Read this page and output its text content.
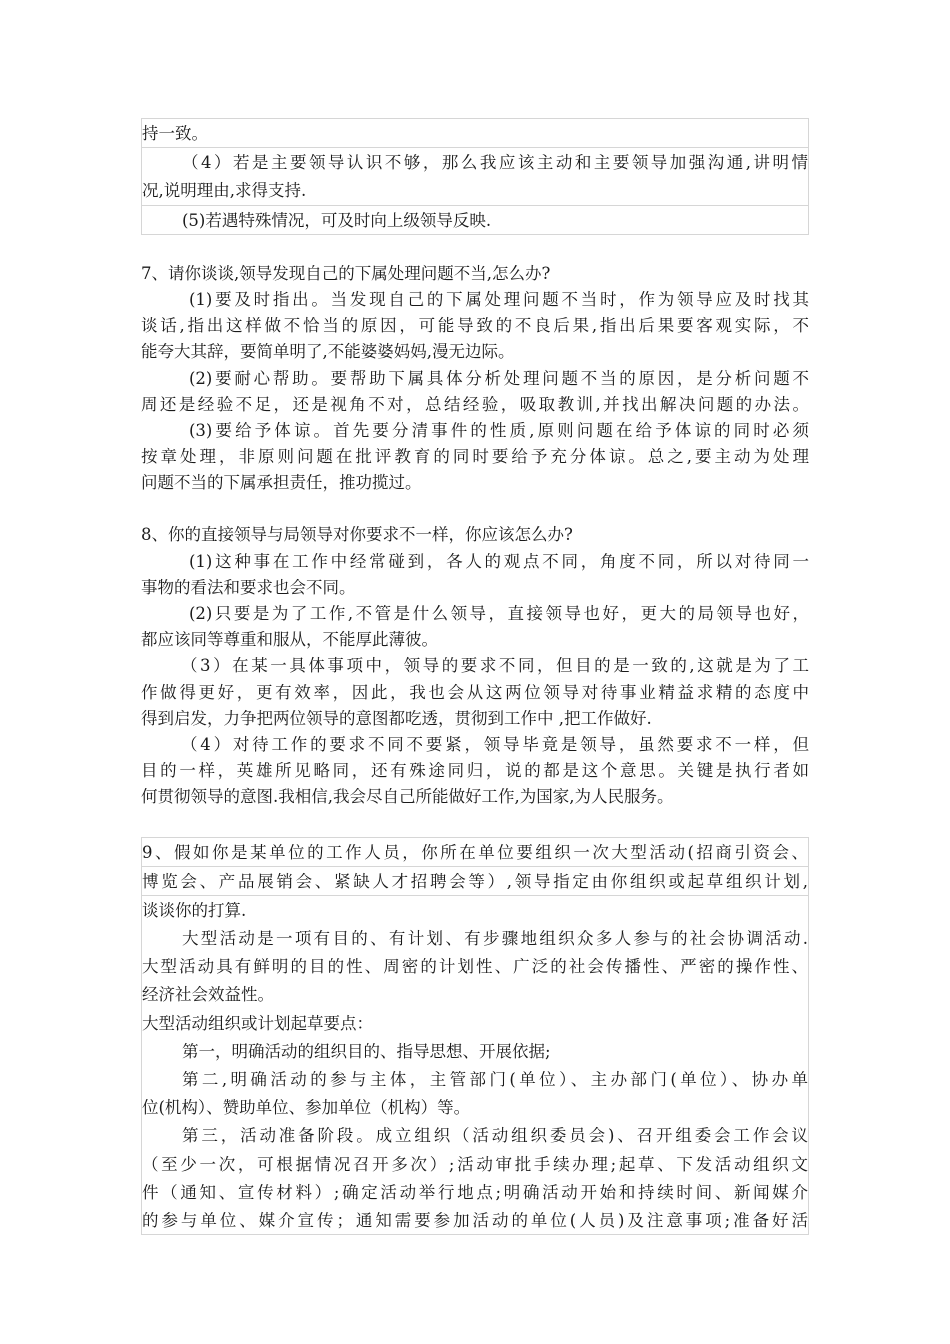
持一致。
（4）若是主要领导认识不够，那么我应该主动和主要领导加强沟通,讲明情
况,说明理由,求得支持.
(5)若遇特殊情况，可及时向上级领导反映.
7、请你谈谈,领导发现自己的下属处理问题不当,怎么办?
(1)要及时指出。当发现自己的下属处理问题不当时，作为领导应及时找其
谈话,指出这样做不恰当的原因，可能导致的不良后果,指出后果要客观实际，不
能夸大其辞，要简单明了,不能婆婆妈妈,漫无边际。
(2)要耐心帮助。要帮助下属具体分析处理问题不当的原因，是分析问题不
周还是经验不足，还是视角不对，总结经验，吸取教训,并找出解决问题的办法。
(3)要给予体谅。首先要分清事件的性质,原则问题在给予体谅的同时必须
按章处理，非原则问题在批评教育的同时要给予充分体谅。总之,要主动为处理
问题不当的下属承担责任，推功揽过。
8、你的直接领导与局领导对你要求不一样，你应该怎么办?
(1)这种事在工作中经常碰到，各人的观点不同，角度不同，所以对待同一
事物的看法和要求也会不同。
(2)只要是为了工作,不管是什么领导，直接领导也好，更大的局领导也好，
都应该同等尊重和服从，不能厚此薄彼。
（3）在某一具体事项中，领导的要求不同，但目的是一致的,这就是为了工
作做得更好，更有效率，因此，我也会从这两位领导对待事业精益求精的态度中
得到启发，力争把两位领导的意图都吃透，贯彻到工作中 ,把工作做好.
（4）对待工作的要求不同不要紧，领导毕竟是领导，虽然要求不一样，但
目的一样，英雄所见略同，还有殊途同归，说的都是这个意思。关键是执行者如
何贯彻领导的意图.我相信,我会尽自己所能做好工作,为国家,为人民服务。
9、假如你是某单位的工作人员，你所在单位要组织一次大型活动(招商引资会、
博览会、产品展销会、紧缺人才招聘会等）,领导指定由你组织或起草组织计划,
谈谈你的打算.
大型活动是一项有目的、有计划、有步骤地组织众多人参与的社会协调活动.
大型活动具有鲜明的目的性、周密的计划性、广泛的社会传播性、严密的操作性、
经济社会效益性。
大型活动组织或计划起草要点：
第一，明确活动的组织目的、指导思想、开展依据;
第二,明确活动的参与主体，主管部门(单位）、主办部门(单位）、协办单
位(机构）、赞助单位、参加单位（机构）等。
第三，活动准备阶段。成立组织（活动组织委员会)、召开组委会工作会议
（至少一次，可根据情况召开多次）;活动审批手续办理;起草、下发活动组织文
件（通知、宣传材料）;确定活动举行地点;明确活动开始和持续时间、新闻媒介
的参与单位、媒介宣传；通知需要参加活动的单位(人员)及注意事项;准备好活
